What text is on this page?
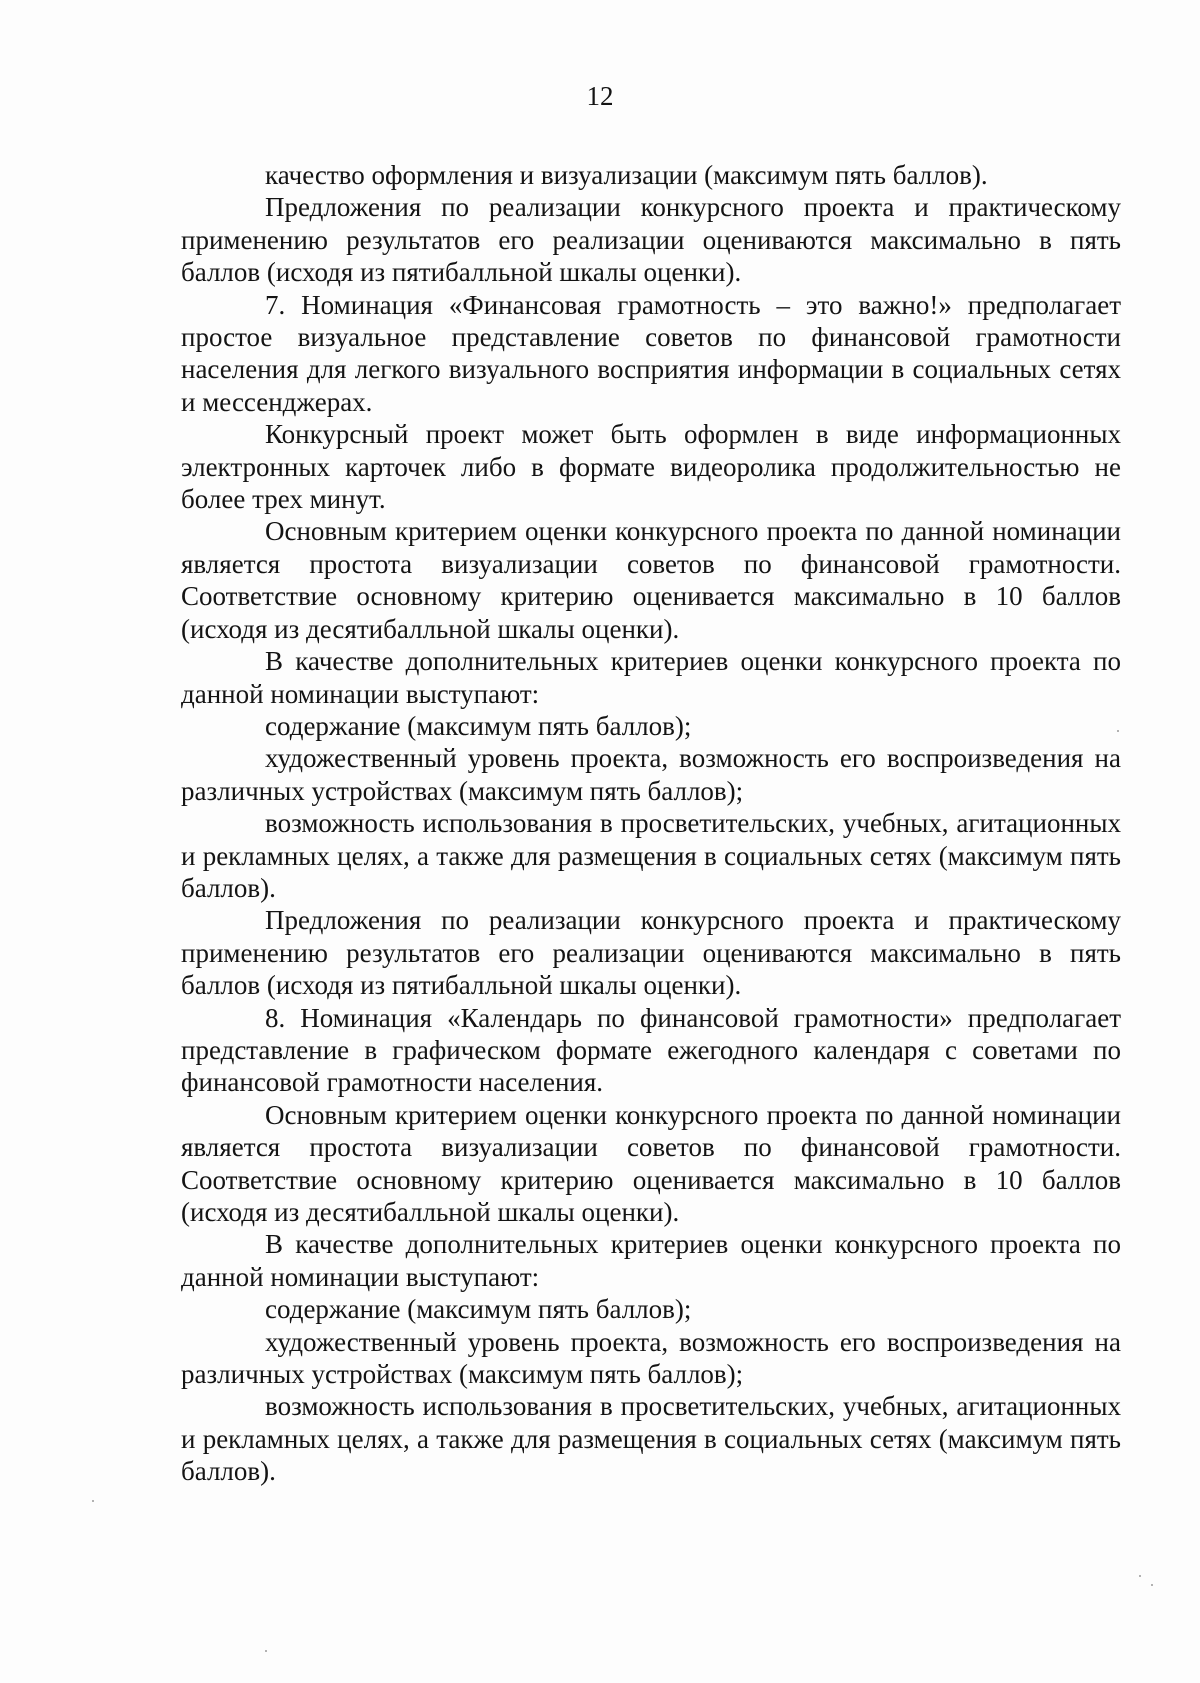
12

качество оформления и визуализации (максимум пять баллов).

Предложения по реализации конкурсного проекта и практическому применению результатов его реализации оцениваются максимально в пять баллов (исходя из пятибалльной шкалы оценки).

7. Номинация «Финансовая грамотность – это важно!» предполагает простое визуальное представление советов по финансовой грамотности населения для легкого визуального восприятия информации в социальных сетях и мессенджерах.

Конкурсный проект может быть оформлен в виде информационных электронных карточек либо в формате видеоролика продолжительностью не более трех минут.

Основным критерием оценки конкурсного проекта по данной номинации является простота визуализации советов по финансовой грамотности. Соответствие основному критерию оценивается максимально в 10 баллов (исходя из десятибалльной шкалы оценки).

В качестве дополнительных критериев оценки конкурсного проекта по данной номинации выступают:

содержание (максимум пять баллов);

художественный уровень проекта, возможность его воспроизведения на различных устройствах (максимум пять баллов);

возможность использования в просветительских, учебных, агитационных и рекламных целях, а также для размещения в социальных сетях (максимум пять баллов).

Предложения по реализации конкурсного проекта и практическому применению результатов его реализации оцениваются максимально в пять баллов (исходя из пятибалльной шкалы оценки).

8. Номинация «Календарь по финансовой грамотности» предполагает представление в графическом формате ежегодного календаря с советами по финансовой грамотности населения.

Основным критерием оценки конкурсного проекта по данной номинации является простота визуализации советов по финансовой грамотности. Соответствие основному критерию оценивается максимально в 10 баллов (исходя из десятибалльной шкалы оценки).

В качестве дополнительных критериев оценки конкурсного проекта по данной номинации выступают:

содержание (максимум пять баллов);

художественный уровень проекта, возможность его воспроизведения на различных устройствах (максимум пять баллов);

возможность использования в просветительских, учебных, агитационных и рекламных целях, а также для размещения в социальных сетях (максимум пять баллов).
